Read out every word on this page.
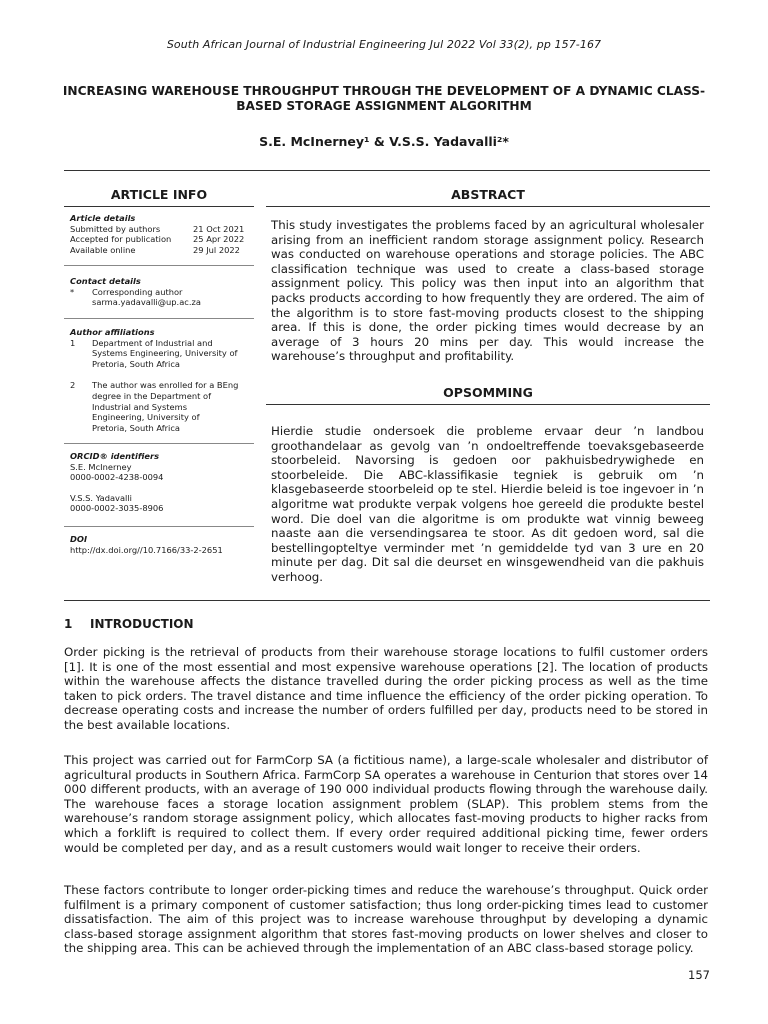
South African Journal of Industrial Engineering Jul 2022 Vol 33(2), pp 157-167
INCREASING WAREHOUSE THROUGHPUT THROUGH THE DEVELOPMENT OF A DYNAMIC CLASS-BASED STORAGE ASSIGNMENT ALGORITHM
S.E. McInerney¹ & V.S.S. Yadavalli²*
ARTICLE INFO	ABSTRACT
Article details
Submitted by authors	21 Oct 2021
Accepted for publication	25 Apr 2022
Available online	29 Jul 2022
Contact details
*	Corresponding author
sarma.yadavalli@up.ac.za
Author affiliations
1	Department of Industrial and
Systems Engineering, University of
Pretoria, South Africa
2	The author was enrolled for a BEng
degree in the Department of
Industrial and Systems
Engineering, University of
Pretoria, South Africa
ORCID® identifiers
S.E. McInerney
0000-0002-4238-0094
V.S.S. Yadavalli
0000-0002-3035-8906
DOI
http://dx.doi.org//10.7166/33-2-2651
This study investigates the problems faced by an agricultural wholesaler arising from an inefficient random storage assignment policy. Research was conducted on warehouse operations and storage policies. The ABC classification technique was used to create a class-based storage assignment policy. This policy was then input into an algorithm that packs products according to how frequently they are ordered. The aim of the algorithm is to store fast-moving products closest to the shipping area. If this is done, the order picking times would decrease by an average of 3 hours 20 mins per day. This would increase the warehouse’s throughput and profitability.
OPSOMMING
Hierdie studie ondersoek die probleme ervaar deur ’n landbou groothandelaar as gevolg van ’n ondoeltreffende toevaksgebaseerde stoorbeleid. Navorsing is gedoen oor pakhuisbedrywighede en stoorbeleide. Die ABC-klassifikasie tegniek is gebruik om ’n klasgebaseerde stoorbeleid op te stel. Hierdie beleid is toe ingevoer in ’n algoritme wat produkte verpak volgens hoe gereeld die produkte bestel word. Die doel van die algoritme is om produkte wat vinnig beweeg naaste aan die versendingsarea te stoor. As dit gedoen word, sal die bestellingopteltye verminder met ’n gemiddelde tyd van 3 ure en 20 minute per dag. Dit sal die deurset en winsgewendheid van die pakhuis verhoog.
1 INTRODUCTION
Order picking is the retrieval of products from their warehouse storage locations to fulfil customer orders [1]. It is one of the most essential and most expensive warehouse operations [2]. The location of products within the warehouse affects the distance travelled during the order picking process as well as the time taken to pick orders. The travel distance and time influence the efficiency of the order picking operation. To decrease operating costs and increase the number of orders fulfilled per day, products need to be stored in the best available locations.
This project was carried out for FarmCorp SA (a fictitious name), a large-scale wholesaler and distributor of agricultural products in Southern Africa. FarmCorp SA operates a warehouse in Centurion that stores over 14 000 different products, with an average of 190 000 individual products flowing through the warehouse daily. The warehouse faces a storage location assignment problem (SLAP). This problem stems from the warehouse’s random storage assignment policy, which allocates fast-moving products to higher racks from which a forklift is required to collect them. If every order required additional picking time, fewer orders would be completed per day, and as a result customers would wait longer to receive their orders.
These factors contribute to longer order-picking times and reduce the warehouse’s throughput. Quick order fulfilment is a primary component of customer satisfaction; thus long order-picking times lead to customer dissatisfaction. The aim of this project was to increase warehouse throughput by developing a dynamic class-based storage assignment algorithm that stores fast-moving products on lower shelves and closer to the shipping area. This can be achieved through the implementation of an ABC class-based storage policy.
157
